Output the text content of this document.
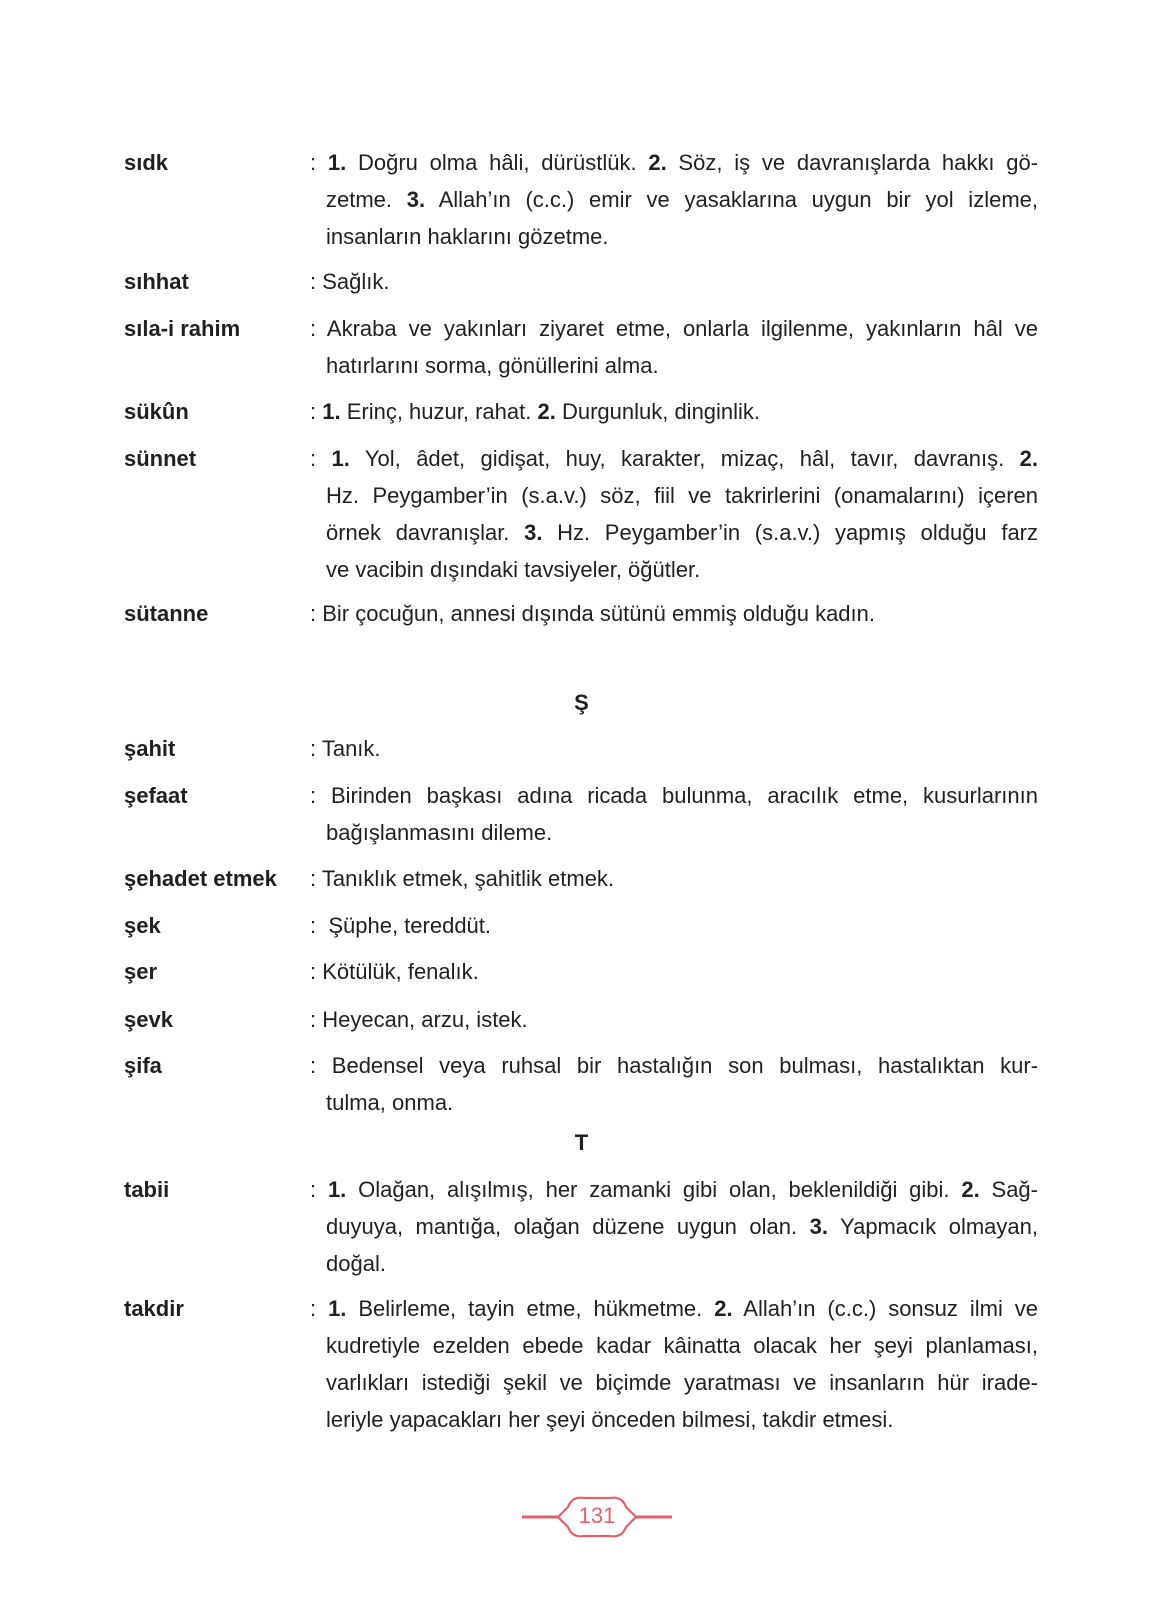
sıdk	: 1. Doğru olma hâli, dürüstlük. 2. Söz, iş ve davranışlarda hakkı gö-
zetme. 3. Allah’ın (c.c.) emir ve yasaklarına uygun bir yol izleme,
insanların haklarını gözetme.
sıhhat	: Sağlık.
sıla-i rahim	: Akraba ve yakınları ziyaret etme, onlarla ilgilenme, yakınların hâl ve
hatırlarını sorma, gönüllerini alma.
sükûn	: 1. Erinç, huzur, rahat. 2. Durgunluk, dinginlik.
sünnet	: 1. Yol, âdet, gidişat, huy, karakter, mizaç, hâl, tavır, davranış. 2.
Hz. Peygamber’in (s.a.v.) söz, fiil ve takrirlerini (onamalarını) içeren
örnek davranışlar. 3. Hz. Peygamber’in (s.a.v.) yapmış olduğu farz
ve vacibin dışındaki tavsiyeler, öğütler.
sütanne	: Bir çocuğun, annesi dışında sütünü emmiş olduğu kadın.
Ş
şahit	: Tanık.
şefaat	: Birinden başkası adına ricada bulunma, aracılık etme, kusurlarının
bağışlanmasını dileme.
şehadet etmek : Tanıklık etmek, şahitlik etmek.
şek	:  Şüphe, tereddüt.
şer	: Kötülük, fenalık.
şevk	: Heyecan, arzu, istek.
şifa	: Bedensel veya ruhsal bir hastalığın son bulması, hastalıktan kur-
tulma, onma.
T
tabii	: 1. Olağan, alışılmış, her zamanki gibi olan, beklenildiği gibi. 2. Sağ-
duyuya, mantığa, olağan düzene uygun olan. 3. Yapmacık olmayan,
doğal.
takdir	: 1. Belirleme, tayin etme, hükmetme. 2. Allah’ın (c.c.) sonsuz ilmi ve
kudretiyle ezelden ebede kadar kâinatta olacak her şeyi planlaması,
varlıkları istediği şekil ve biçimde yaratması ve insanların hür irade-
leriyle yapacakları her şeyi önceden bilmesi, takdir etmesi.
131
